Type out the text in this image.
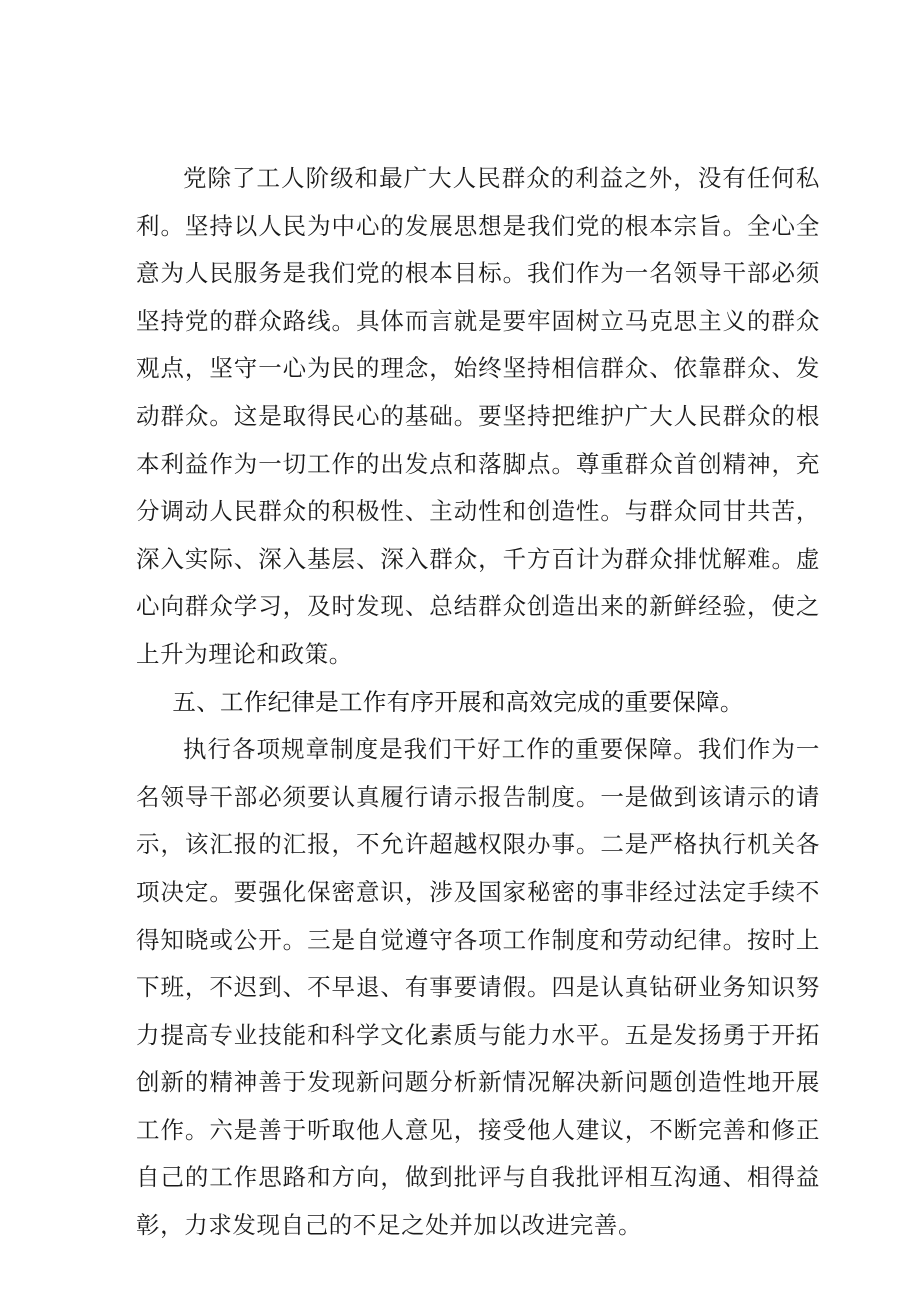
党除了工人阶级和最广大人民群众的利益之外，没有任何私利。坚持以人民为中心的发展思想是我们党的根本宗旨。全心全意为人民服务是我们党的根本目标。我们作为一名领导干部必须坚持党的群众路线。具体而言就是要牢固树立马克思主义的群众观点，坚守一心为民的理念，始终坚持相信群众、依靠群众、发动群众。这是取得民心的基础。要坚持把维护广大人民群众的根本利益作为一切工作的出发点和落脚点。尊重群众首创精神，充分调动人民群众的积极性、主动性和创造性。与群众同甘共苦，深入实际、深入基层、深入群众，千方百计为群众排忧解难。虚心向群众学习，及时发现、总结群众创造出来的新鲜经验，使之上升为理论和政策。

五、工作纪律是工作有序开展和高效完成的重要保障。

执行各项规章制度是我们干好工作的重要保障。我们作为一名领导干部必须要认真履行请示报告制度。一是做到该请示的请示，该汇报的汇报，不允许超越权限办事。二是严格执行机关各项决定。要强化保密意识，涉及国家秘密的事非经过法定手续不得知晓或公开。三是自觉遵守各项工作制度和劳动纪律。按时上下班，不迟到、不早退、有事要请假。四是认真钻研业务知识努力提高专业技能和科学文化素质与能力水平。五是发扬勇于开拓创新的精神善于发现新问题分析新情况解决新问题创造性地开展工作。六是善于听取他人意见，接受他人建议，不断完善和修正自己的工作思路和方向，做到批评与自我批评相互沟通、相得益彰，力求发现自己的不足之处并加以改进完善。
